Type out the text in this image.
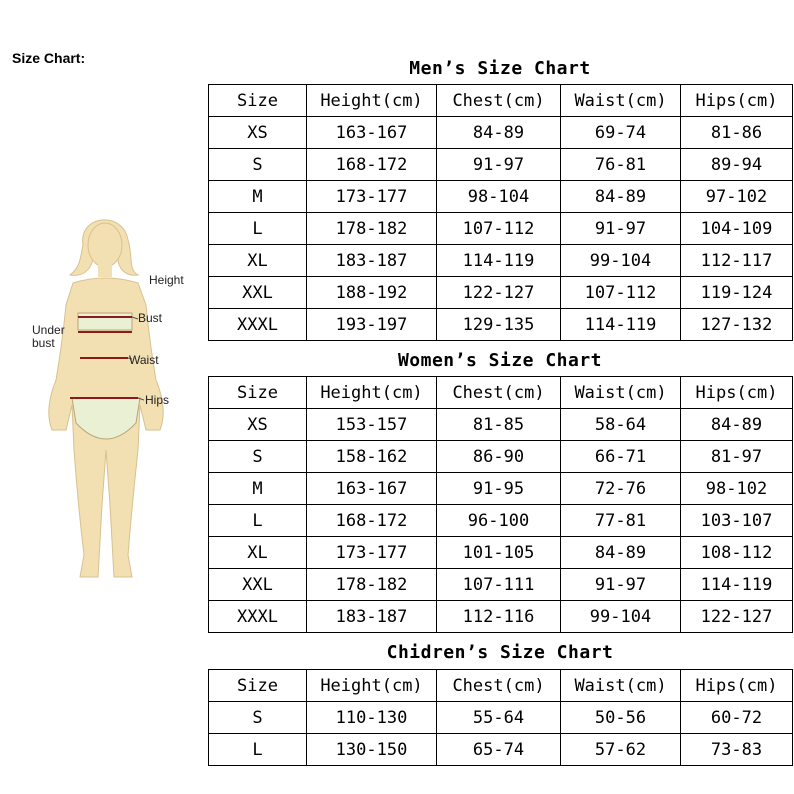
Size Chart:
Height
Bust
Under
bust
Waist
Hips
Men’s Size Chart
Size	Height(cm)	Chest(cm)	Waist(cm)	Hips(cm)
XS	163-167	84-89	69-74	81-86
S	168-172	91-97	76-81	89-94
M	173-177	98-104	84-89	97-102
L	178-182	107-112	91-97	104-109
XL	183-187	114-119	99-104	112-117
XXL	188-192	122-127	107-112	119-124
XXXL	193-197	129-135	114-119	127-132
Women’s Size Chart
Size	Height(cm)	Chest(cm)	Waist(cm)	Hips(cm)
XS	153-157	81-85	58-64	84-89
S	158-162	86-90	66-71	81-97
M	163-167	91-95	72-76	98-102
L	168-172	96-100	77-81	103-107
XL	173-177	101-105	84-89	108-112
XXL	178-182	107-111	91-97	114-119
XXXL	183-187	112-116	99-104	122-127
Chidren’s Size Chart
Size	Height(cm)	Chest(cm)	Waist(cm)	Hips(cm)
S	110-130	55-64	50-56	60-72
L	130-150	65-74	57-62	73-83
